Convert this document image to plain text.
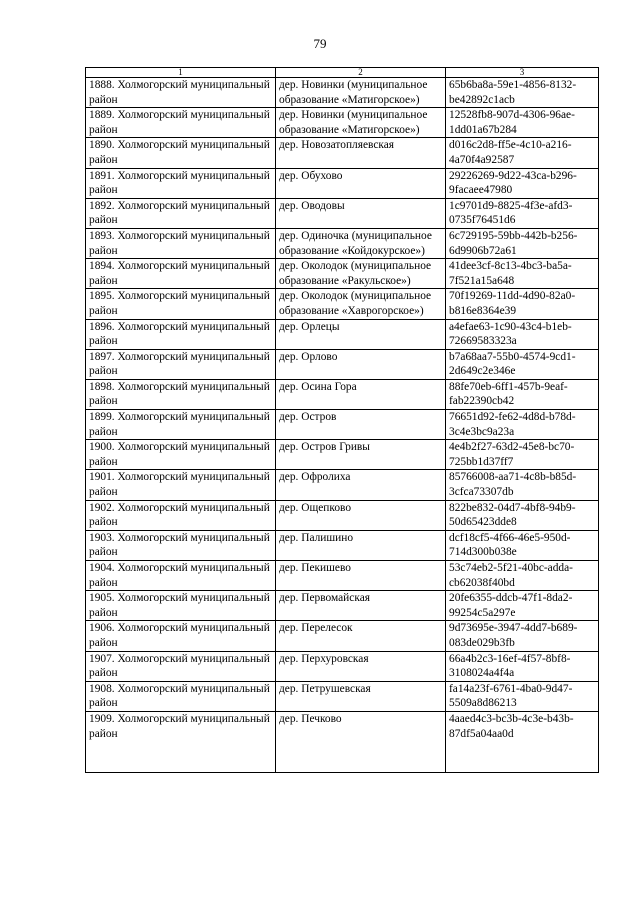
79
1	2	3
1888. Холмогорский муниципальный район	дер. Новинки (муниципальное образование «Матигорское»)	65b6ba8a-59e1-4856-8132-be42892c1acb
1889. Холмогорский муниципальный район	дер. Новинки (муниципальное образование «Матигорское»)	12528fb8-907d-4306-96ae-1dd01a67b284
1890. Холмогорский муниципальный район	дер. Новозатопляевская	d016c2d8-ff5e-4c10-a216-4a70f4a92587
1891. Холмогорский муниципальный район	дер. Обухово	29226269-9d22-43ca-b296-9facaee47980
1892. Холмогорский муниципальный район	дер. Оводовы	1c9701d9-8825-4f3e-afd3-0735f76451d6
1893. Холмогорский муниципальный район	дер. Одиночка (муниципальное образование «Койдокурское»)	6c729195-59bb-442b-b256-6d9906b72a61
1894. Холмогорский муниципальный район	дер. Околодок (муниципальное образование «Ракульское»)	41dee3cf-8c13-4bc3-ba5a-7f521a15a648
1895. Холмогорский муниципальный район	дер. Околодок (муниципальное образование «Хаврогорское»)	70f19269-11dd-4d90-82a0-b816e8364e39
1896. Холмогорский муниципальный район	дер. Орлецы	a4efae63-1c90-43c4-b1eb-72669583323a
1897. Холмогорский муниципальный район	дер. Орлово	b7a68aa7-55b0-4574-9cd1-2d649c2e346e
1898. Холмогорский муниципальный район	дер. Осина Гора	88fe70eb-6ff1-457b-9eaf-fab22390cb42
1899. Холмогорский муниципальный район	дер. Остров	76651d92-fe62-4d8d-b78d-3c4e3bc9a23a
1900. Холмогорский муниципальный район	дер. Остров Гривы	4e4b2f27-63d2-45e8-bc70-725bb1d37ff7
1901. Холмогорский муниципальный район	дер. Офролиха	85766008-aa71-4c8b-b85d-3cfca73307db
1902. Холмогорский муниципальный район	дер. Ощепково	822be832-04d7-4bf8-94b9-50d65423dde8
1903. Холмогорский муниципальный район	дер. Палишино	dcf18cf5-4f66-46e5-950d-714d300b038e
1904. Холмогорский муниципальный район	дер. Пекишево	53c74eb2-5f21-40bc-adda-cb62038f40bd
1905. Холмогорский муниципальный район	дер. Первомайская	20fe6355-ddcb-47f1-8da2-99254c5a297e
1906. Холмогорский муниципальный район	дер. Перелесок	9d73695e-3947-4dd7-b689-083de029b3fb
1907. Холмогорский муниципальный район	дер. Перхуровская	66a4b2c3-16ef-4f57-8bf8-3108024a4f4a
1908. Холмогорский муниципальный район	дер. Петрушевская	fa14a23f-6761-4ba0-9d47-5509a8d86213
1909. Холмогорский муниципальный район	дер. Печково	4aaed4c3-bc3b-4c3e-b43b-87df5a04aa0d
